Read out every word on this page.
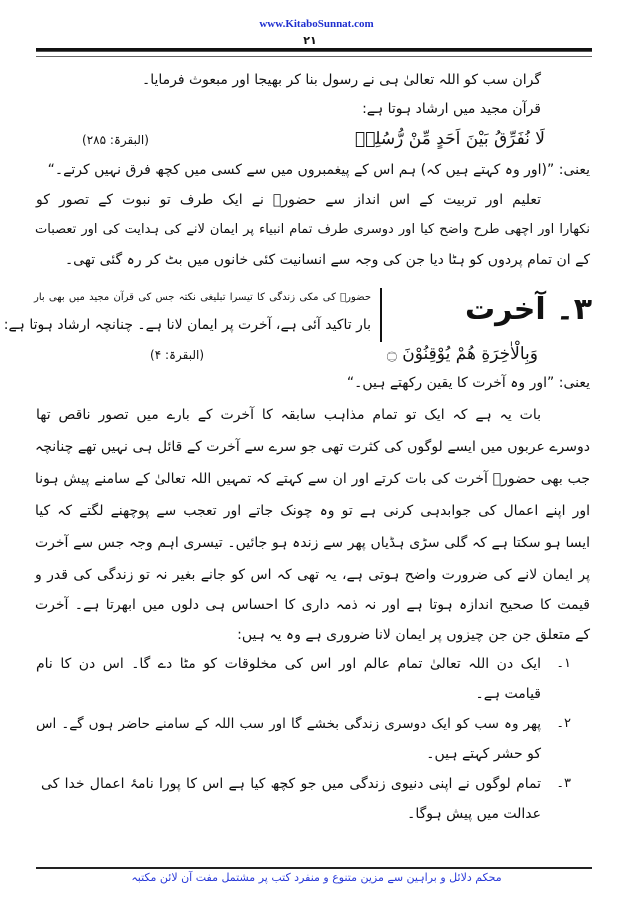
www.KitaboSunnat.com
۲۱
گران سب کو اللہ تعالیٰ ہی نے رسول بنا کر بھیجا اور مبعوث فرمایا۔
قرآن مجید میں ارشاد ہوتا ہے:
لَا نُفَرِّقُ بَیْنَ اَحَدٍ مِّنْ رُّسُلِهٖ
(البقرۃ: ۲۸۵)
یعنی: ”(اور وہ کہتے ہیں کہ) ہم اس کے پیغمبروں میں سے کسی میں کچھ فرق نہیں کرتے۔“
تعلیم اور تربیت کے اس انداز سے حضورؐ نے ایک طرف تو نبوت کے تصور کو
نکھارا اور اچھی طرح واضح کیا اور دوسری طرف تمام انبیاء پر ایمان لانے کی ہدایت کی اور تعصبات
کے ان تمام پردوں کو ہٹا دیا جن کی وجہ سے انسانیت کئی خانوں میں بٹ کر رہ گئی تھی۔
۳۔ آخرت
حضورؐ کی مکی زندگی کا تیسرا تبلیغی نکتہ جس کی قرآن مجید میں بھی بار
بار تاکید آئی ہے، آخرت پر ایمان لانا ہے۔ چنانچہ ارشاد ہوتا ہے:
وَبِالْاٰخِرَةِ هُمْ یُوْقِنُوْنَ ۝
(البقرۃ: ۴)
یعنی: ”اور وہ آخرت کا یقین رکھتے ہیں۔“
بات یہ ہے کہ ایک تو تمام مذاہب سابقہ کا آخرت کے بارے میں تصور ناقص تھا
دوسرے عربوں میں ایسے لوگوں کی کثرت تھی جو سرے سے آخرت کے قائل ہی نہیں تھے چنانچہ
جب بھی حضورؐ آخرت کی بات کرتے اور ان سے کہتے کہ تمہیں اللہ تعالیٰ کے سامنے پیش ہونا
اور اپنے اعمال کی جوابدہی کرنی ہے تو وہ چونک جاتے اور تعجب سے پوچھنے لگتے کہ کیا
ایسا ہو سکتا ہے کہ گلی سڑی ہڈیاں پھر سے زندہ ہو جائیں۔ تیسری اہم وجہ جس سے آخرت
پر ایمان لانے کی ضرورت واضح ہوتی ہے، یہ تھی کہ اس کو جانے بغیر نہ تو زندگی کی قدر و
قیمت کا صحیح اندازہ ہوتا ہے اور نہ ذمہ داری کا احساس ہی دلوں میں ابھرتا ہے۔ آخرت
کے متعلق جن جن چیزوں پر ایمان لانا ضروری ہے وہ یہ ہیں:
۱۔
ایک دن اللہ تعالیٰ تمام عالم اور اس کی مخلوقات کو مٹا دے گا۔ اس دن کا نام
قیامت ہے۔
۲۔
پھر وہ سب کو ایک دوسری زندگی بخشے گا اور سب اللہ کے سامنے حاضر ہوں گے۔ اس
کو حشر کہتے ہیں۔
۳۔
تمام لوگوں نے اپنی دنیوی زندگی میں جو کچھ کیا ہے اس کا پورا نامۂ اعمال خدا کی
عدالت میں پیش ہوگا۔
محکم دلائل و براہین سے مزین متنوع و منفرد کتب پر مشتمل مفت آن لائن مکتبہ
